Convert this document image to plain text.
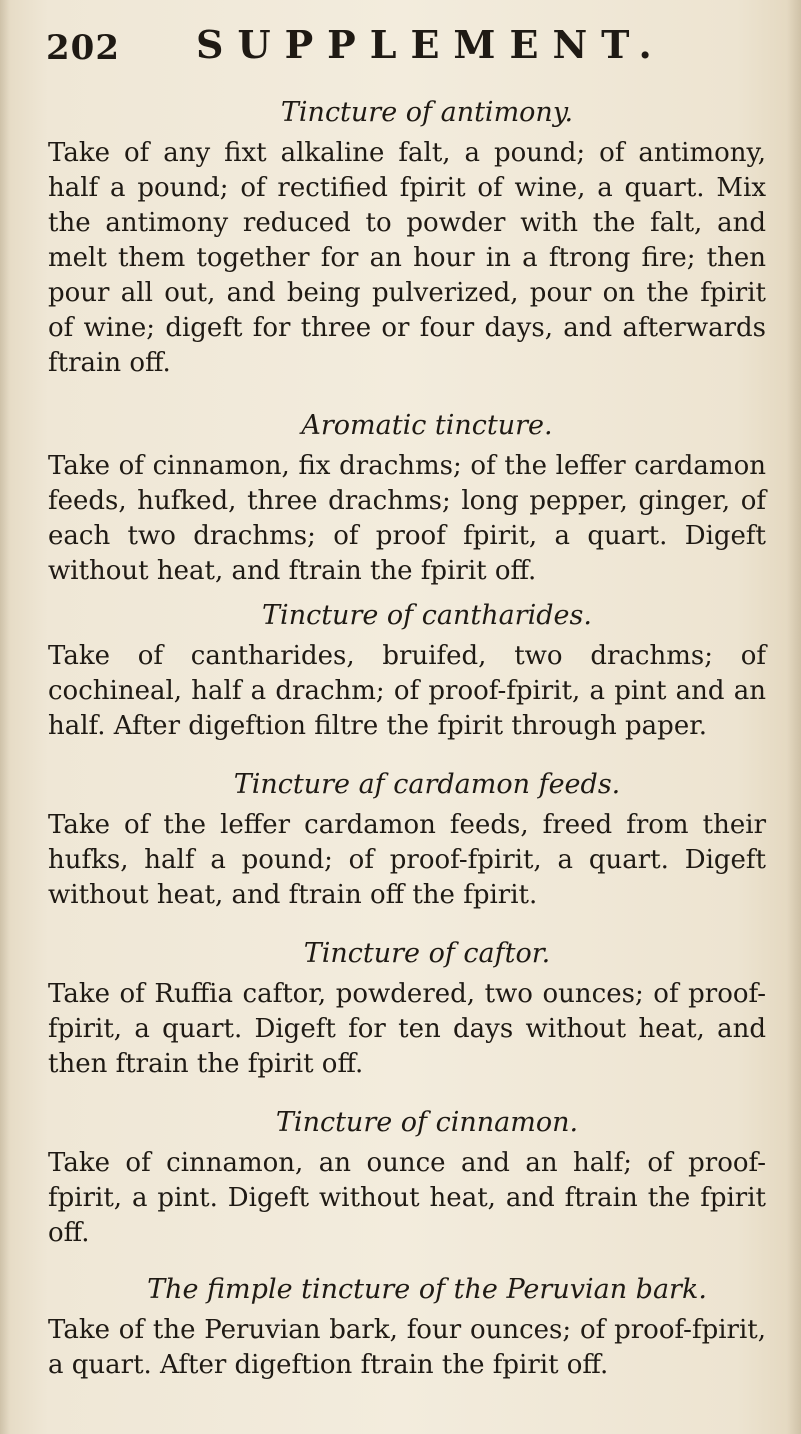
202 SUPPLEMENT.
Tincture of antimony.

Take of any fixt alkaline falt, a pound; of antimony, half a pound; of rectified fpirit of wine, a quart. Mix the antimony reduced to powder with the falt, and melt them together for an hour in a ftrong fire; then pour all out, and being pulverized, pour on the fpirit of wine; digeft for three or four days, and afterwards ftrain off.

Aromatic tincture.

Take of cinnamon, fix drachms; of the leffer cardamon feeds, hufked, three drachms; long pepper, ginger, of each two drachms; of proof fpirit, a quart. Digeft without heat, and ftrain the fpirit off.

Tincture of cantharides.

Take of cantharides, bruifed, two drachms; of cochineal, half a drachm; of proof-fpirit, a pint and an half. After digeftion filtre the fpirit through paper.

Tincture af cardamon feeds.

Take of the leffer cardamon feeds, freed from their hufks, half a pound; of proof-fpirit, a quart. Digeft without heat, and ftrain off the fpirit.

Tincture of caftor.

Take of Ruffia caftor, powdered, two ounces; of proof-fpirit, a quart. Digeft for ten days without heat, and then ftrain the fpirit off.

Tincture of cinnamon.

Take of cinnamon, an ounce and an half; of proof-fpirit, a pint. Digeft without heat, and ftrain the fpirit off.

The fimple tincture of the Peruvian bark.

Take of the Peruvian bark, four ounces; of proof-fpirit, a quart. After digeftion ftrain the fpirit off.
